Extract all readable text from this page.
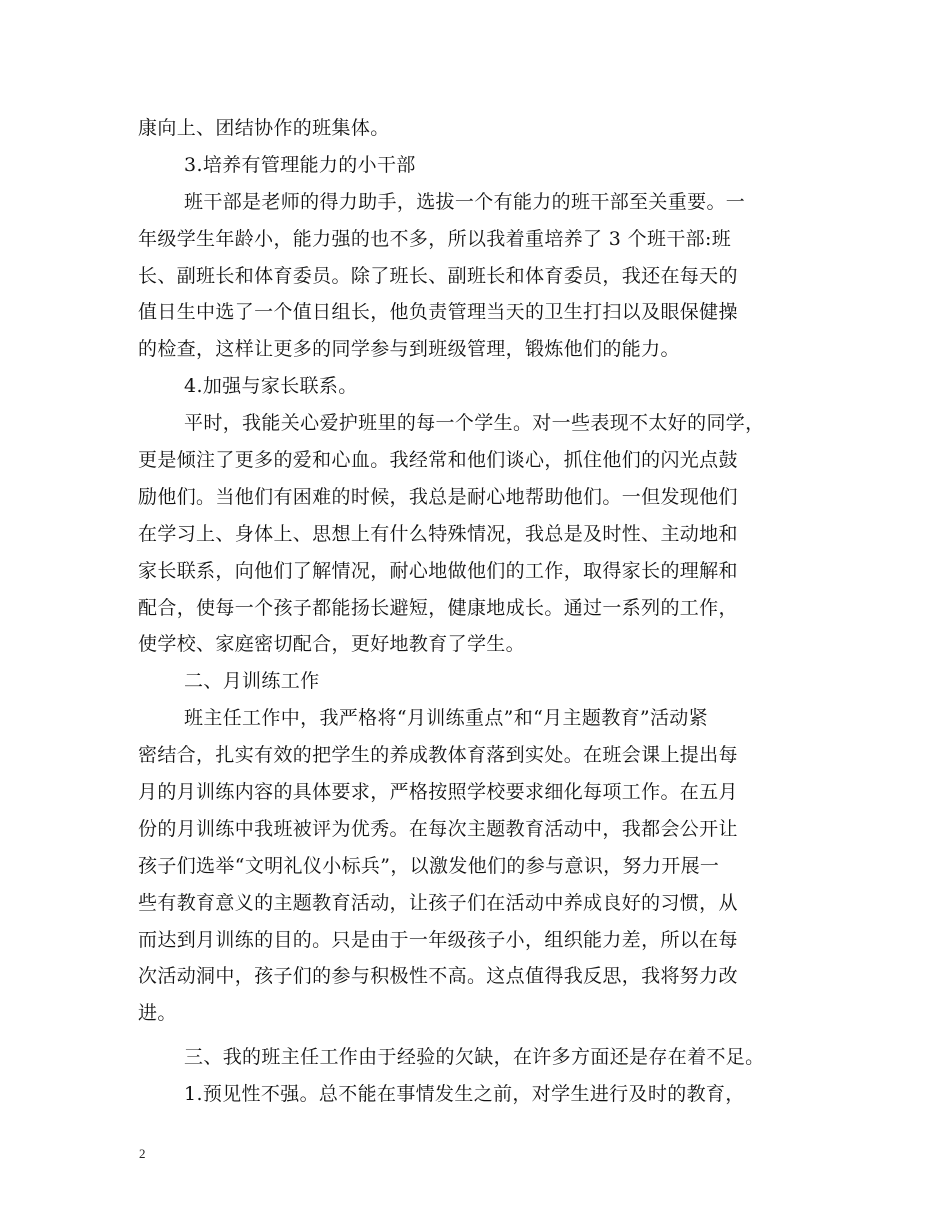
康向上、团结协作的班集体。
3.培养有管理能力的小干部
班干部是老师的得力助手，选拔一个有能力的班干部至关重要。一
年级学生年龄小，能力强的也不多，所以我着重培养了 3 个班干部:班
长、副班长和体育委员。除了班长、副班长和体育委员，我还在每天的
值日生中选了一个值日组长，他负责管理当天的卫生打扫以及眼保健操
的检查，这样让更多的同学参与到班级管理，锻炼他们的能力。
4.加强与家长联系。
平时，我能关心爱护班里的每一个学生。对一些表现不太好的同学，
更是倾注了更多的爱和心血。我经常和他们谈心，抓住他们的闪光点鼓
励他们。当他们有困难的时候，我总是耐心地帮助他们。一但发现他们
在学习上、身体上、思想上有什么特殊情况，我总是及时性、主动地和
家长联系，向他们了解情况，耐心地做他们的工作，取得家长的理解和
配合，使每一个孩子都能扬长避短，健康地成长。通过一系列的工作，
使学校、家庭密切配合，更好地教育了学生。
二、月训练工作
班主任工作中，我严格将“月训练重点”和“月主题教育”活动紧
密结合，扎实有效的把学生的养成教体育落到实处。在班会课上提出每
月的月训练内容的具体要求，严格按照学校要求细化每项工作。在五月
份的月训练中我班被评为优秀。在每次主题教育活动中，我都会公开让
孩子们选举“文明礼仪小标兵”，以激发他们的参与意识，努力开展一
些有教育意义的主题教育活动，让孩子们在活动中养成良好的习惯，从
而达到月训练的目的。只是由于一年级孩子小，组织能力差，所以在每
次活动洞中，孩子们的参与积极性不高。这点值得我反思，我将努力改
进。
三、我的班主任工作由于经验的欠缺，在许多方面还是存在着不足。
1.预见性不强。总不能在事情发生之前，对学生进行及时的教育，
2
